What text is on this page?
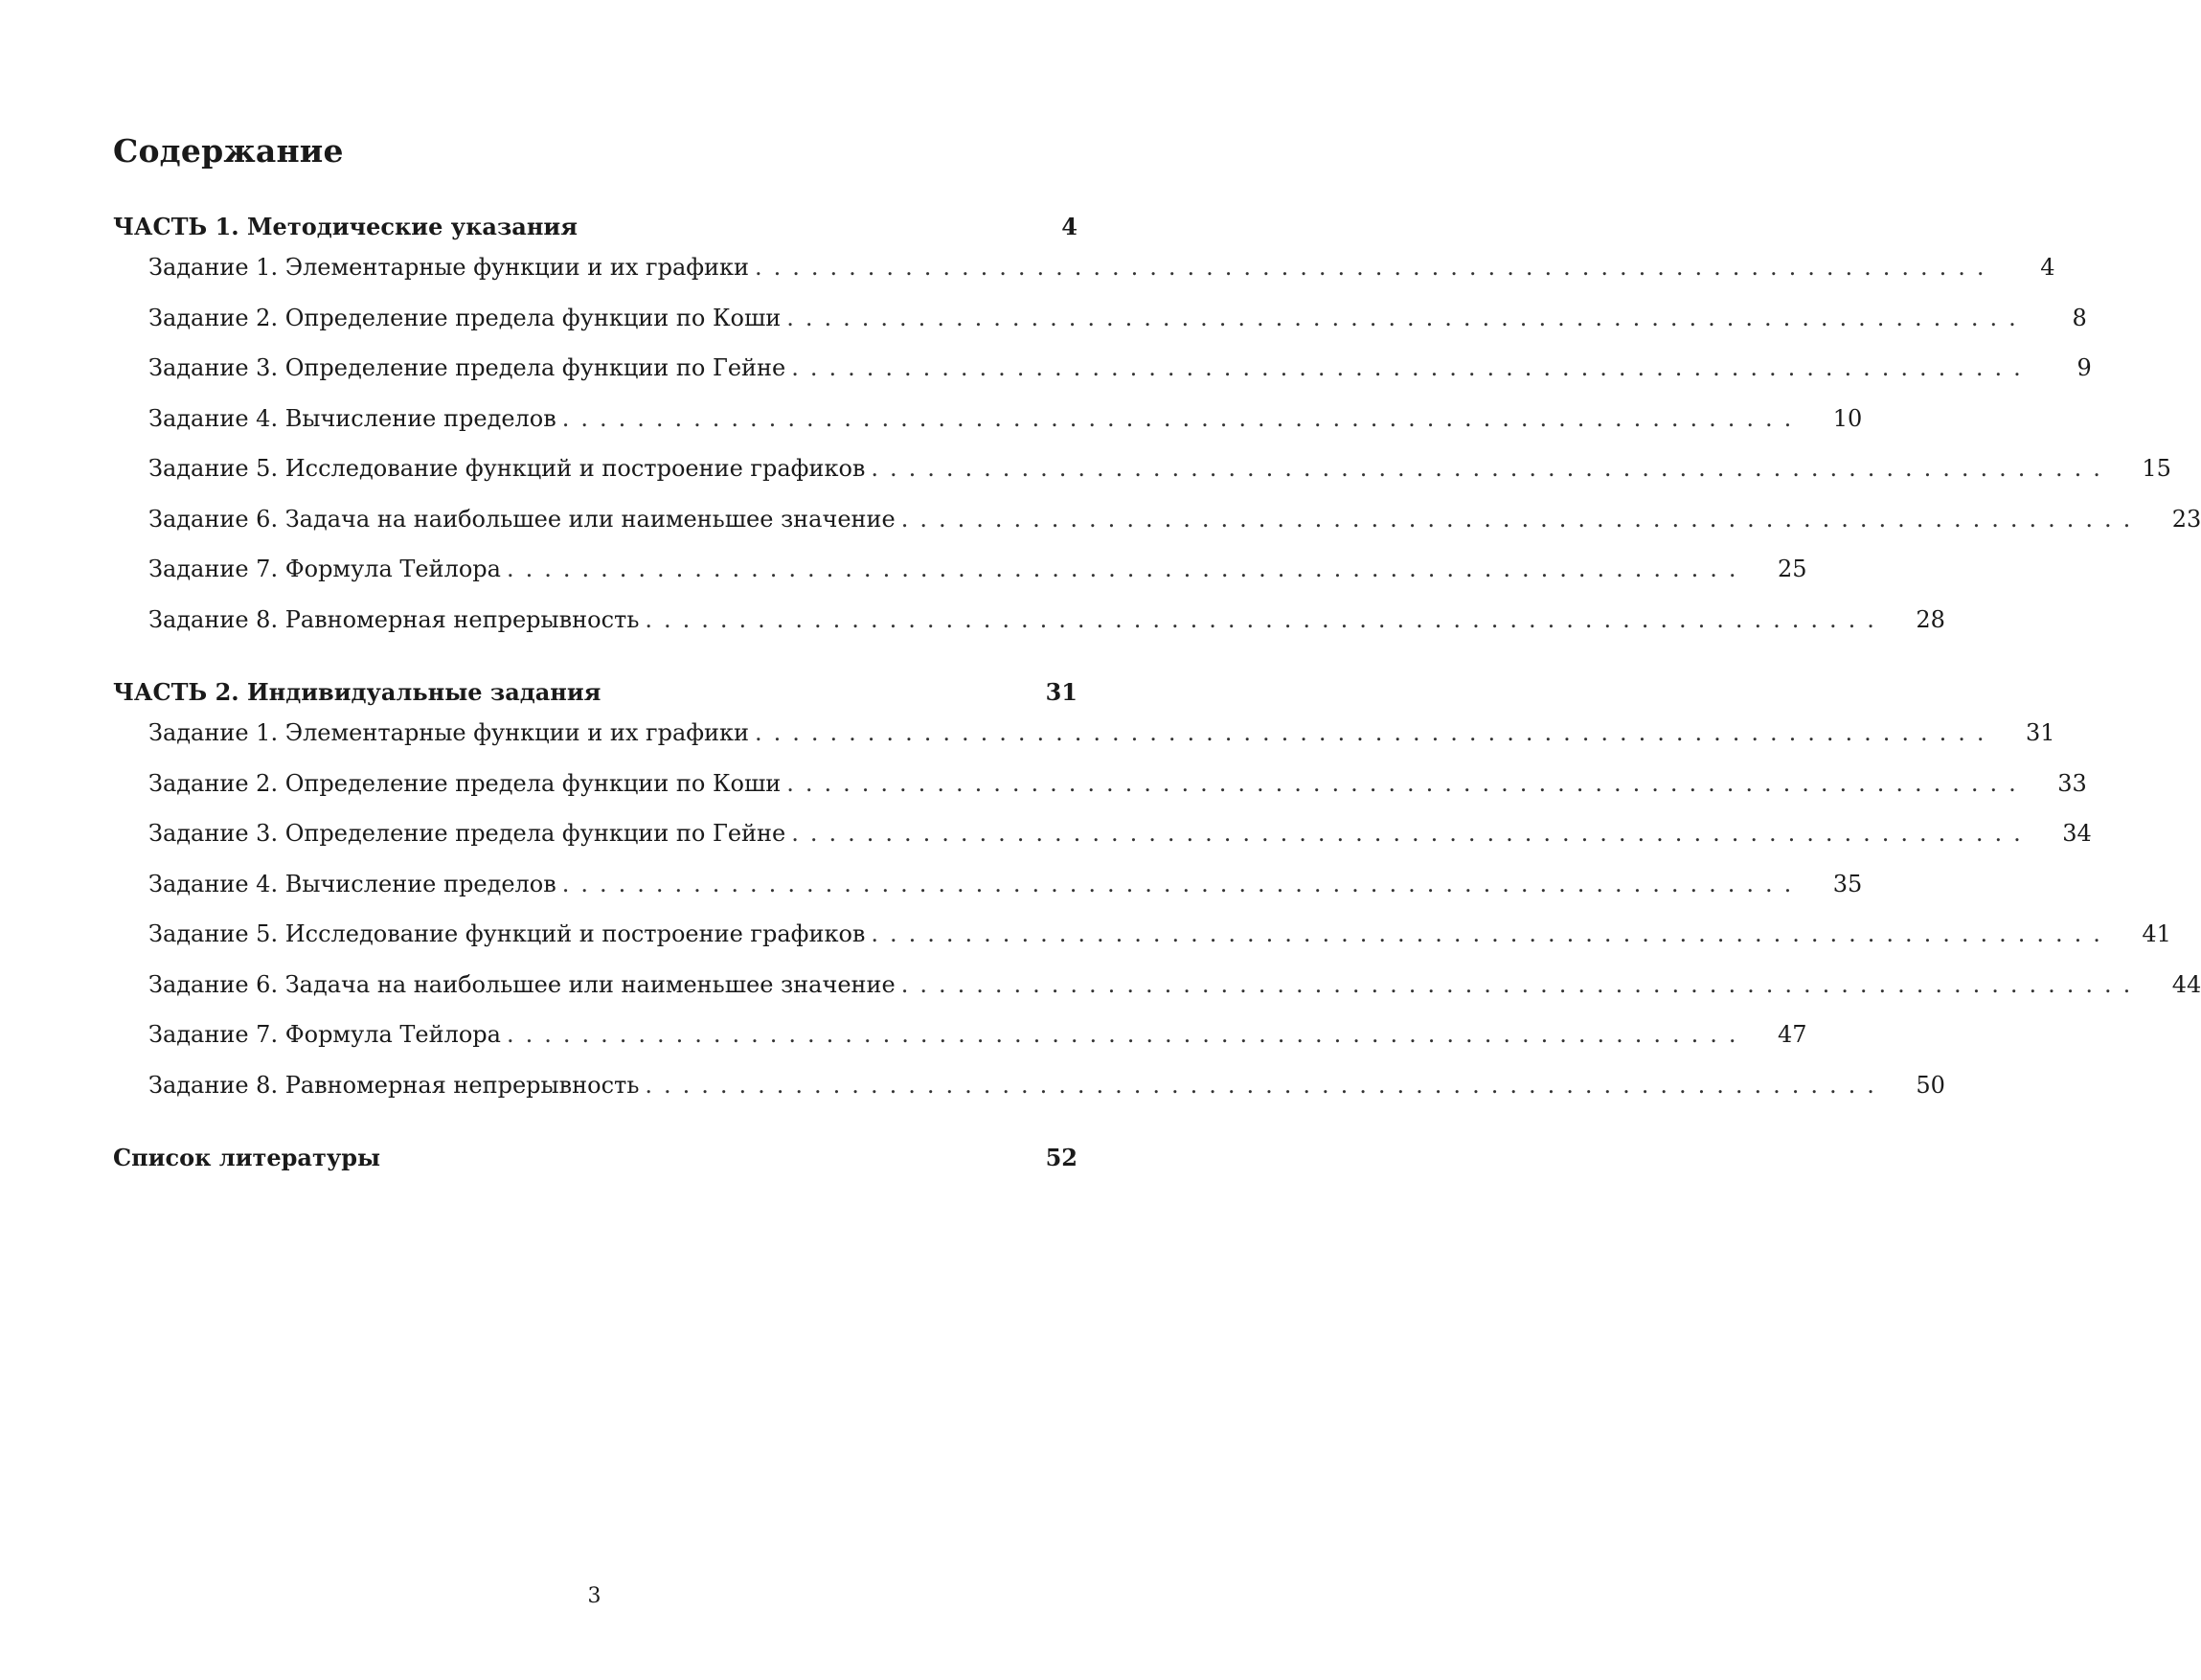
Содержание
ЧАСТЬ 1. Методические указания	4
Задание 1. Элементарные функции и их графики ..................................................................	4
Задание 2. Определение предела функции по Коши ..................................................................	8
Задание 3. Определение предела функции по Гейне ..................................................................	9
Задание 4. Вычисление пределов ..................................................................	10
Задание 5. Исследование функций и построение графиков ..................................................................	15
Задание 6. Задача на наибольшее или наименьшее значение ..................................................................	23
Задание 7. Формула Тейлора ..................................................................	25
Задание 8. Равномерная непрерывность ..................................................................	28
ЧАСТЬ 2. Индивидуальные задания	31
Задание 1. Элементарные функции и их графики ..................................................................	31
Задание 2. Определение предела функции по Коши ..................................................................	33
Задание 3. Определение предела функции по Гейне ..................................................................	34
Задание 4. Вычисление пределов ..................................................................	35
Задание 5. Исследование функций и построение графиков ..................................................................	41
Задание 6. Задача на наибольшее или наименьшее значение ..................................................................	44
Задание 7. Формула Тейлора ..................................................................	47
Задание 8. Равномерная непрерывность ..................................................................	50
Список литературы	52
3
